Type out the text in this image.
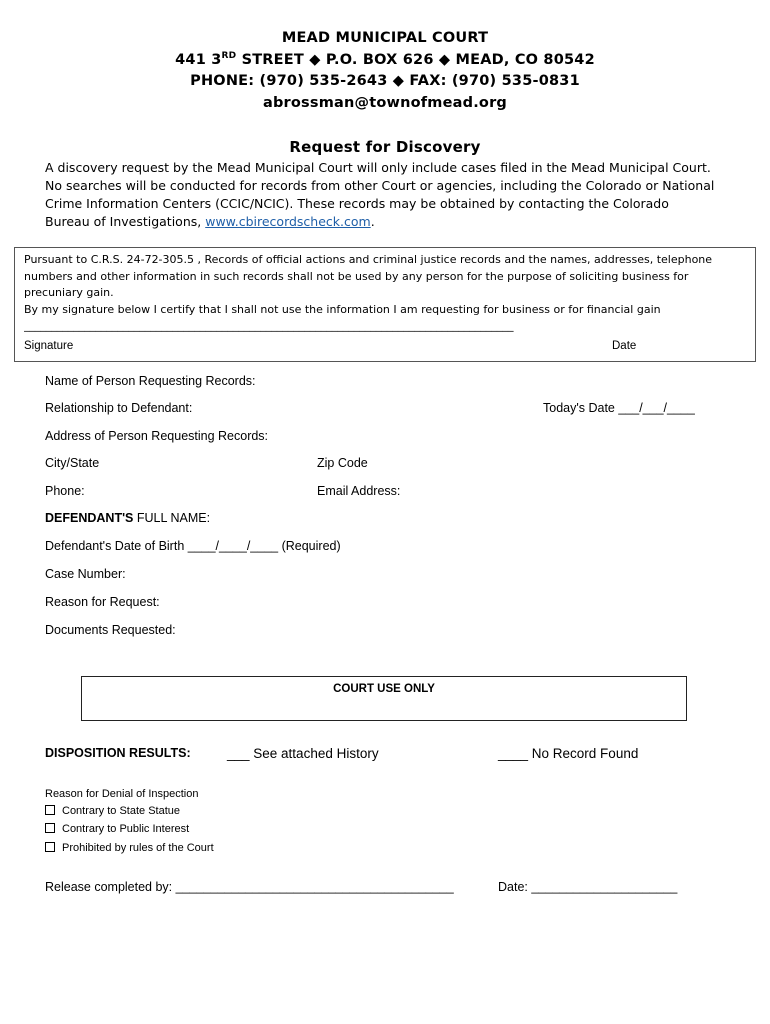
MEAD MUNICIPAL COURT
441 3RD STREET ◆ P.O. BOX 626 ◆ MEAD, CO 80542
PHONE: (970) 535-2643 ◆ FAX: (970) 535-0831
abrossman@townofmead.org
Request for Discovery
A discovery request by the Mead Municipal Court will only include cases filed in the Mead Municipal Court.
No searches will be conducted for records from other Court or agencies, including the Colorado or National
Crime Information Centers (CCIC/NCIC). These records may be obtained by contacting the Colorado
Bureau of Investigations, www.cbirecordscheck.com.
Pursuant to C.R.S. 24-72-305.5 , Records of official actions and criminal justice records and the names, addresses, telephone
numbers and other information in such records shall not be used by any person for the purpose of soliciting business for
precuniary gain.
By my signature below I certify that I shall not use the information I am requesting for business or for financial gain
_________________________________________________________________________________________
Signature	Date
Name of Person Requesting Records:
Relationship to Defendant:	Today's Date ___/___/____
Address of Person Requesting Records:
City/State	Zip Code
Phone:	Email Address:
DEFENDANT'S FULL NAME:
Defendant's Date of Birth ____/____/____ (Required)
Case Number:
Reason for Request:
Documents Requested:
COURT USE ONLY
DISPOSITION RESULTS:	___ See attached History	____ No Record Found
Reason for Denial of Inspection
Contrary to State Statue
Contrary to Public Interest
Prohibited by rules of the Court
Release completed by: ________________________________________	Date: _____________________
